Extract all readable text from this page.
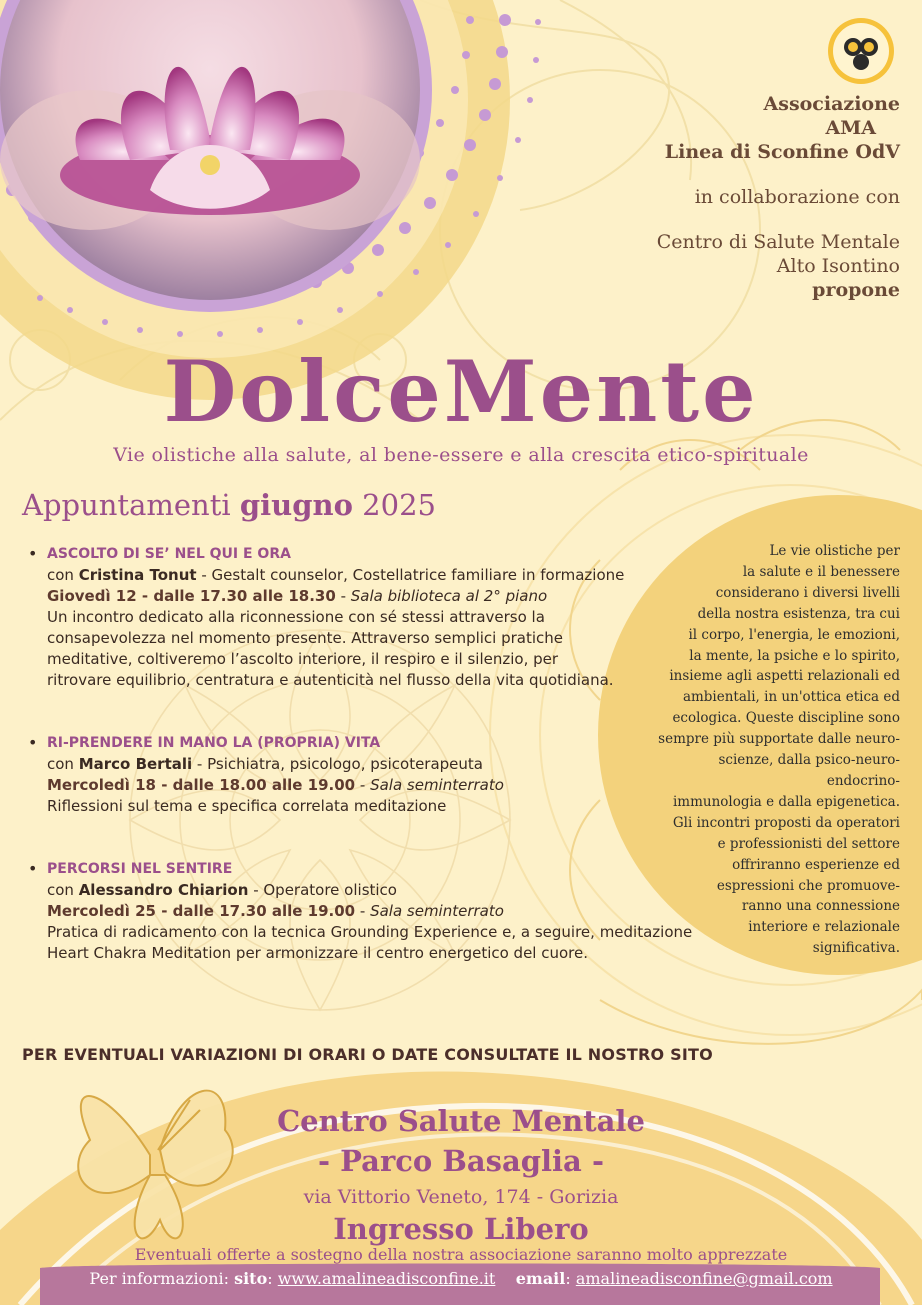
Associazione
AMA
Linea di Sconfine OdV
in collaborazione con
Centro di Salute Mentale
Alto Isontino
propone
DolceMente
Vie olistiche alla salute, al bene-essere e alla crescita etico-spirituale
Appuntamenti giugno 2025
• ASCOLTO DI SE’ NEL QUI E ORA
con Cristina Tonut - Gestalt counselor, Costellatrice familiare in formazione
Giovedì 12 - dalle 17.30 alle 18.30 - Sala biblioteca al 2° piano
Un incontro dedicato alla riconnessione con sé stessi attraverso la consapevolezza nel momento presente. Attraverso semplici pratiche meditative, coltiveremo l’ascolto interiore, il respiro e il silenzio, per ritrovare equilibrio, centratura e autenticità nel flusso della vita quotidiana.
• RI-PRENDERE IN MANO LA (PROPRIA) VITA
con Marco Bertali - Psichiatra, psicologo, psicoterapeuta
Mercoledì 18 - dalle 18.00 alle 19.00 - Sala seminterrato
Riflessioni sul tema e specifica correlata meditazione
• PERCORSI NEL SENTIRE
con Alessandro Chiarion - Operatore olistico
Mercoledì 25 - dalle 17.30 alle 19.00 - Sala seminterrato
Pratica di radicamento con la tecnica Grounding Experience e, a seguire, meditazione Heart Chakra Meditation per armonizzare il centro energetico del cuore.
Le vie olistiche per
la salute e il benessere
considerano i diversi livelli
della nostra esistenza, tra cui
il corpo, l'energia, le emozioni,
la mente, la psiche e lo spirito,
insieme agli aspetti relazionali ed
ambientali, in un'ottica etica ed
ecologica. Queste discipline sono
sempre più supportate dalle neuro-
scienze, dalla psico-neuro-endocrino-
immunologia e dalla epigenetica.
Gli incontri proposti da operatori
e professionisti del settore
offriranno esperienze ed
espressioni che promuove-
ranno una connessione
interiore e relazionale
significativa.
PER EVENTUALI VARIAZIONI DI ORARI O DATE CONSULTATE IL NOSTRO SITO
Centro Salute Mentale
- Parco Basaglia -
via Vittorio Veneto, 174 - Gorizia
Ingresso Libero
Eventuali offerte a sostegno della nostra associazione saranno molto apprezzate
Per informazioni: sito: www.amalineadisconfine.it email: amalineadisconfine@gmail.com
